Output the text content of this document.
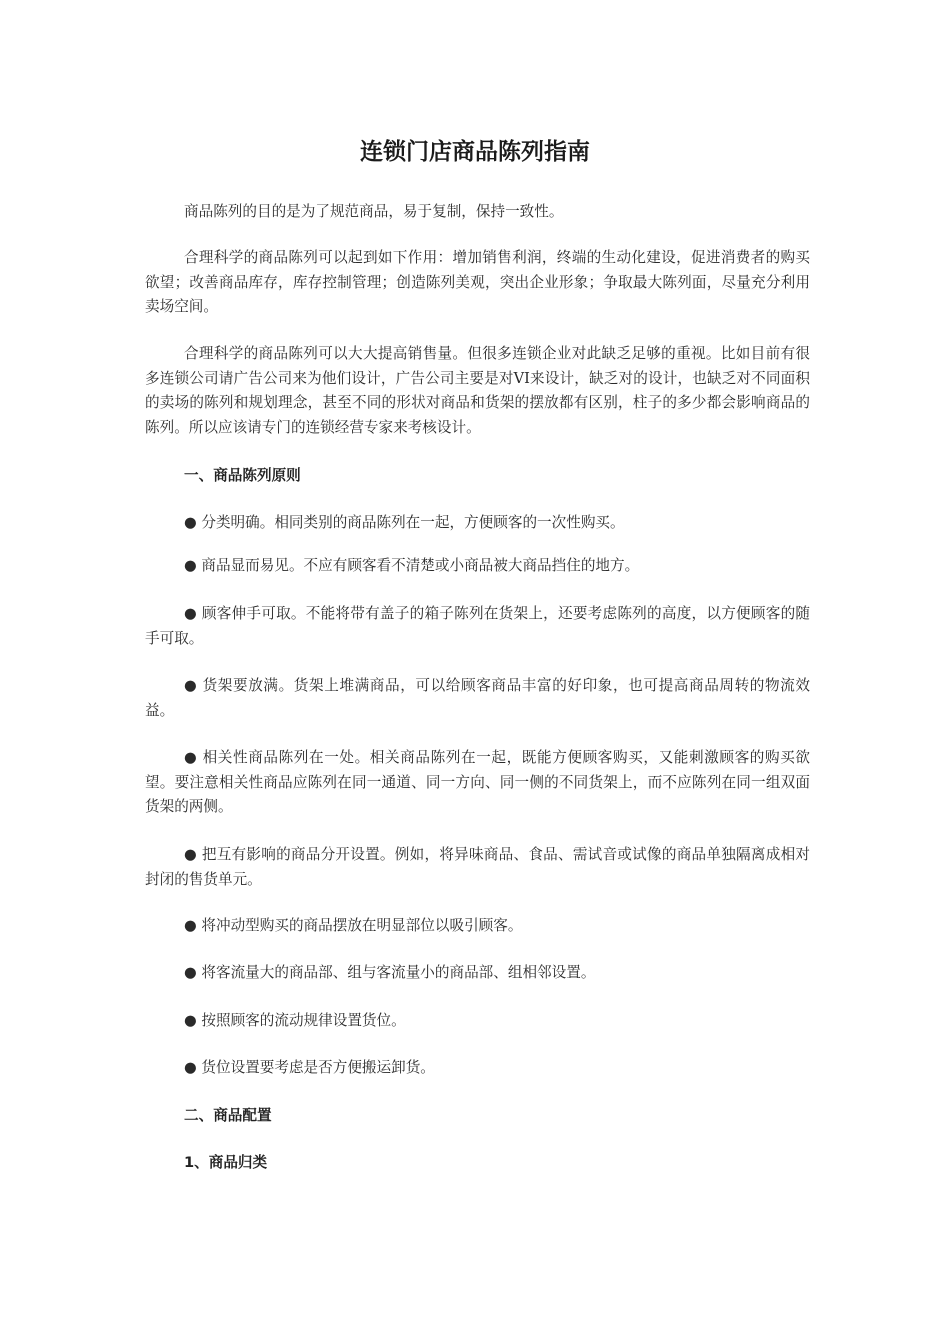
连锁门店商品陈列指南

商品陈列的目的是为了规范商品，易于复制，保持一致性。

合理科学的商品陈列可以起到如下作用：增加销售利润，终端的生动化建设，促进消费者的购买欲望；改善商品库存，库存控制管理；创造陈列美观，突出企业形象；争取最大陈列面，尽量充分利用卖场空间。

合理科学的商品陈列可以大大提高销售量。但很多连锁企业对此缺乏足够的重视。比如目前有很多连锁公司请广告公司来为他们设计，广告公司主要是对VI来设计，缺乏对的设计，也缺乏对不同面积的卖场的陈列和规划理念，甚至不同的形状对商品和货架的摆放都有区别，柱子的多少都会影响商品的陈列。所以应该请专门的连锁经营专家来考核设计。

一、商品陈列原则

● 分类明确。相同类别的商品陈列在一起，方便顾客的一次性购买。

● 商品显而易见。不应有顾客看不清楚或小商品被大商品挡住的地方。

● 顾客伸手可取。不能将带有盖子的箱子陈列在货架上，还要考虑陈列的高度，以方便顾客的随手可取。

● 货架要放满。货架上堆满商品，可以给顾客商品丰富的好印象，也可提高商品周转的物流效益。

● 相关性商品陈列在一处。相关商品陈列在一起，既能方便顾客购买，又能刺激顾客的购买欲望。要注意相关性商品应陈列在同一通道、同一方向、同一侧的不同货架上，而不应陈列在同一组双面货架的两侧。

● 把互有影响的商品分开设置。例如，将异味商品、食品、需试音或试像的商品单独隔离成相对封闭的售货单元。

● 将冲动型购买的商品摆放在明显部位以吸引顾客。

● 将客流量大的商品部、组与客流量小的商品部、组相邻设置。

● 按照顾客的流动规律设置货位。

● 货位设置要考虑是否方便搬运卸货。

二、商品配置
1、商品归类
